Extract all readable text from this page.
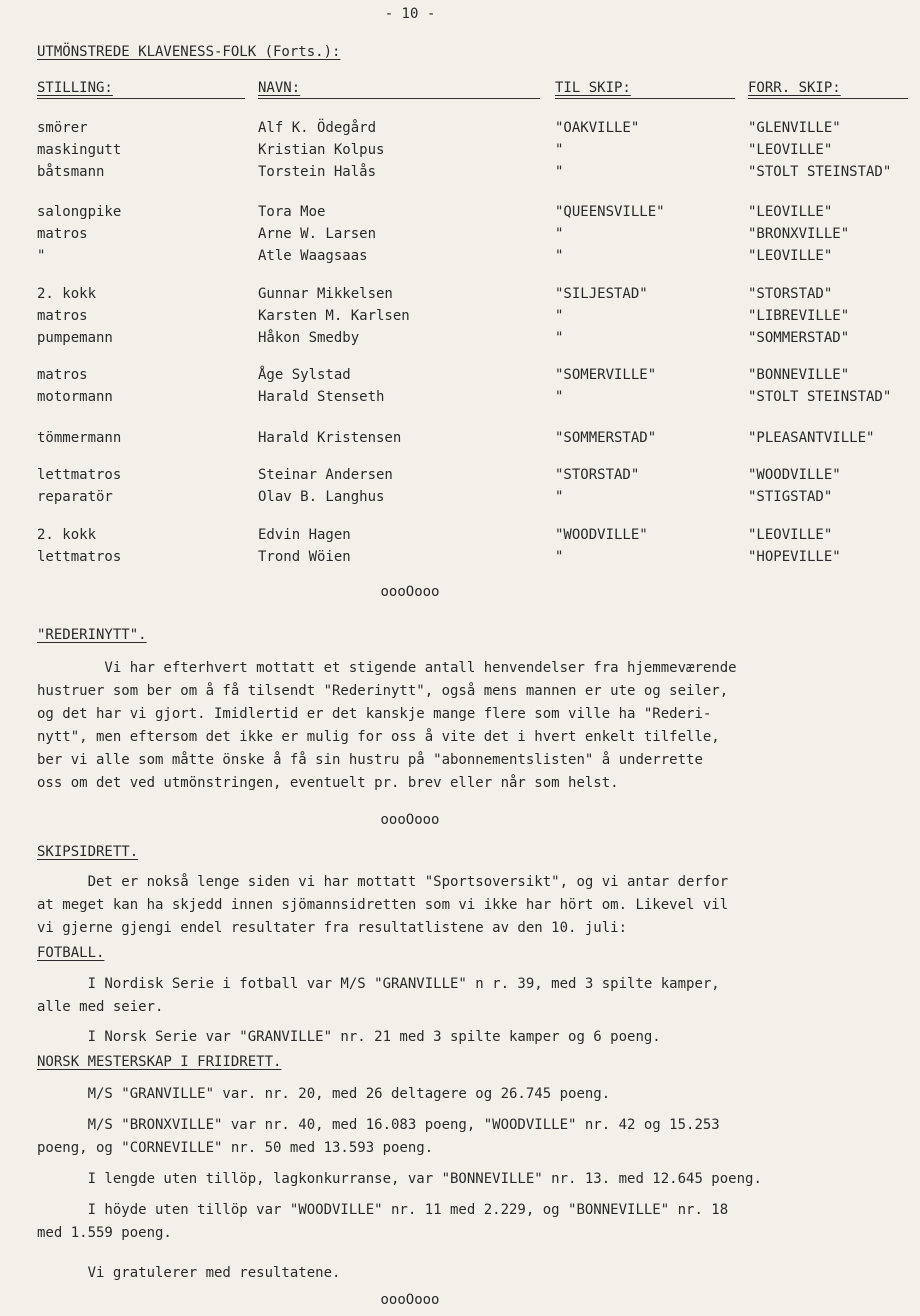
- 10 -
UTMÖNSTREDE KLAVENESS-FOLK (Forts.):
STILLING:	NAVN:	TIL SKIP:	FORR. SKIP:
smörer	Alf K. Ödegård	"OAKVILLE"	"GLENVILLE"
maskingutt	Kristian Kolpus	"	"LEOVILLE"
båtsmann	Torstein Halås	"	"STOLT STEINSTAD"
salongpike	Tora Moe	"QUEENSVILLE"	"LEOVILLE"
matros	Arne W. Larsen	"	"BRONXVILLE"
"	Atle Waagsaas	"	"LEOVILLE"
2. kokk	Gunnar Mikkelsen	"SILJESTAD"	"STORSTAD"
matros	Karsten M. Karlsen	"	"LIBREVILLE"
pumpemann	Håkon Smedby	"	"SOMMERSTAD"
matros	Åge Sylstad	"SOMERVILLE"	"BONNEVILLE"
motormann	Harald Stenseth	"	"STOLT STEINSTAD"
tömmermann	Harald Kristensen	"SOMMERSTAD"	"PLEASANTVILLE"
lettmatros	Steinar Andersen	"STORSTAD"	"WOODVILLE"
reparatör	Olav B. Langhus	"	"STIGSTAD"
2. kokk	Edvin Hagen	"WOODVILLE"	"LEOVILLE"
lettmatros	Trond Wöien	"	"HOPEVILLE"
oooOooo
"REDERINYTT".
Vi har efterhvert mottatt et stigende antall henvendelser fra hjemmeværende
hustruer som ber om å få tilsendt "Rederinytt", også mens mannen er ute og seiler,
og det har vi gjort. Imidlertid er det kanskje mange flere som ville ha "Rederi-
nytt", men eftersom det ikke er mulig for oss å vite det i hvert enkelt tilfelle,
ber vi alle som måtte önske å få sin hustru på "abonnementslisten" å underrette
oss om det ved utmönstringen, eventuelt pr. brev eller når som helst.
oooOooo
SKIPSIDRETT.
Det er nokså lenge siden vi har mottatt "Sportsoversikt", og vi antar derfor
at meget kan ha skjedd innen sjömannsidretten som vi ikke har hört om. Likevel vil
vi gjerne gjengi endel resultater fra resultatlistene av den 10. juli:
FOTBALL.
I Nordisk Serie i fotball var M/S "GRANVILLE" n r. 39, med 3 spilte kamper,
alle med seier.
I Norsk Serie var "GRANVILLE" nr. 21 med 3 spilte kamper og 6 poeng.
NORSK MESTERSKAP I FRIIDRETT.
M/S "GRANVILLE" var. nr. 20, med 26 deltagere og 26.745 poeng.
M/S "BRONXVILLE" var nr. 40, med 16.083 poeng, "WOODVILLE" nr. 42 og 15.253
poeng, og "CORNEVILLE" nr. 50 med 13.593 poeng.
I lengde uten tillöp, lagkonkurranse, var "BONNEVILLE" nr. 13. med 12.645 poeng.
I höyde uten tillöp var "WOODVILLE" nr. 11 med 2.229, og "BONNEVILLE" nr. 18
med 1.559 poeng.
Vi gratulerer med resultatene.
oooOooo
